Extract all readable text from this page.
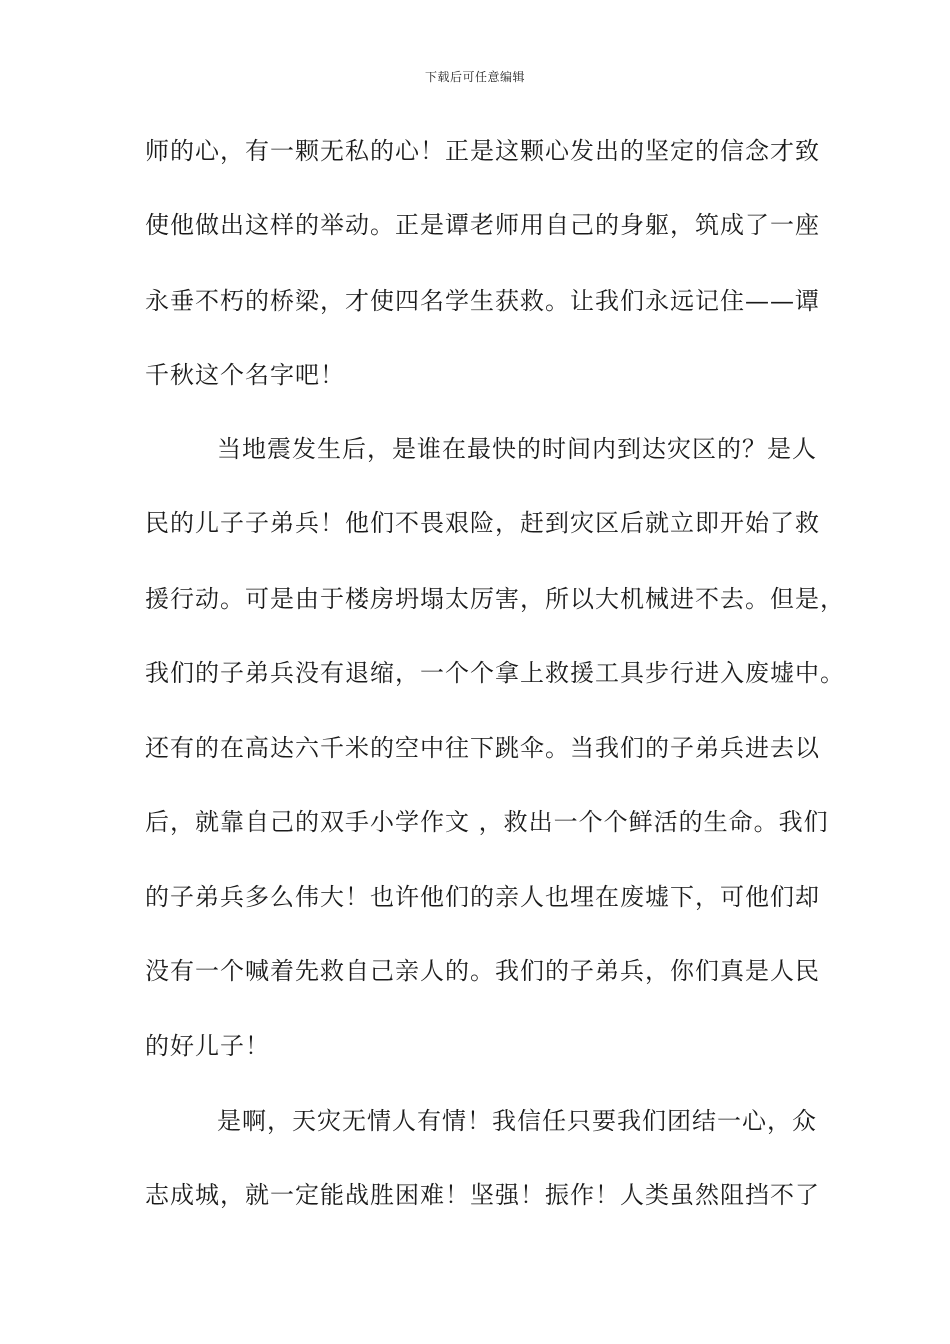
下载后可任意编辑
师的心，有一颗无私的心！正是这颗心发出的坚定的信念才致
使他做出这样的举动。正是谭老师用自己的身躯，筑成了一座
永垂不朽的桥梁，才使四名学生获救。让我们永远记住——谭
千秋这个名字吧！
当地震发生后，是谁在最快的时间内到达灾区的？是人
民的儿子子弟兵！他们不畏艰险，赶到灾区后就立即开始了救
援行动。可是由于楼房坍塌太厉害，所以大机械进不去。但是，
我们的子弟兵没有退缩，一个个拿上救援工具步行进入废墟中。
还有的在高达六千米的空中往下跳伞。当我们的子弟兵进去以
后，就靠自己的双手小学作文 ，救出一个个鲜活的生命。我们
的子弟兵多么伟大！也许他们的亲人也埋在废墟下，可他们却
没有一个喊着先救自己亲人的。我们的子弟兵，你们真是人民
的好儿子！
是啊，天灾无情人有情！我信任只要我们团结一心，众
志成城，就一定能战胜困难！坚强！振作！人类虽然阻挡不了
